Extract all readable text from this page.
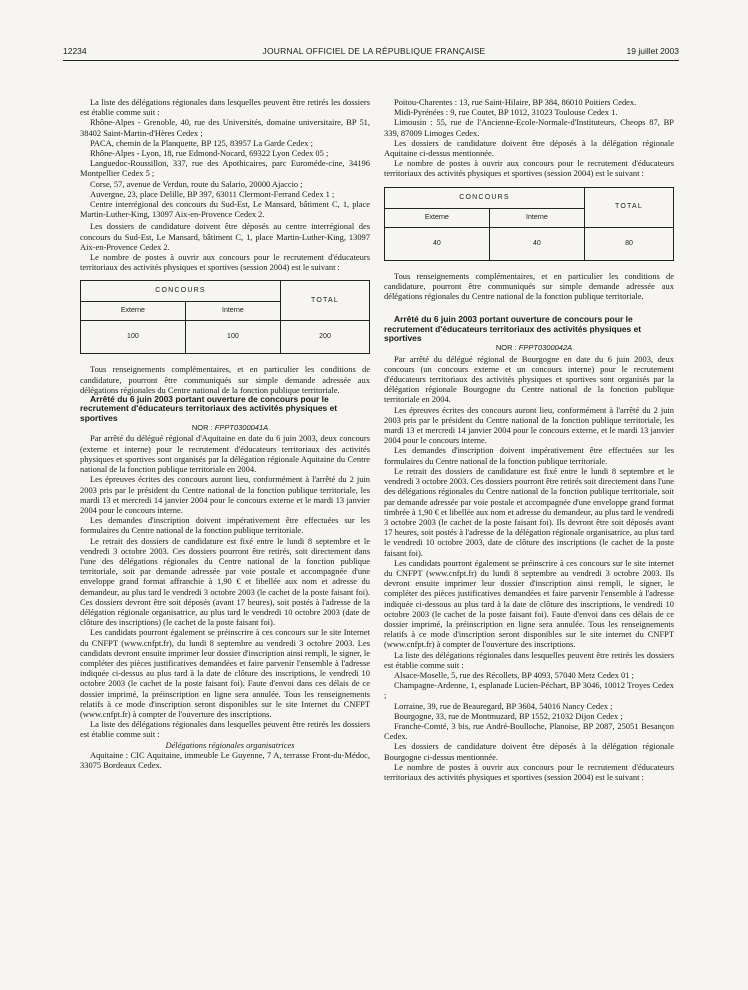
12234	JOURNAL OFFICIEL DE LA RÉPUBLIQUE FRANÇAISE	19 juillet 2003

La liste des délégations régionales dans lesquelles peuvent être retirés les dossiers est établie comme suit :

Rhône-Alpes - Grenoble, 40, rue des Universités, domaine universitaire, BP 51, 38402 Saint-Martin-d'Hères Cedex ;

PACA, chemin de la Planquette, BP 125, 83957 La Garde Cedex ;

Rhône-Alpes - Lyon, 18, rue Edmond-Nocard, 69322 Lyon Cedex 05 ;

Languedoc-Roussillon, 337, rue des Apothicaires, parc Euroméde-cine, 34196 Montpellier Cedex 5 ;

Corse, 57, avenue de Verdun, route du Salario, 20000 Ajaccio ;

Auvergne, 23, place Delille, BP 397, 63011 Clermont-Ferrand Cedex 1 ;

Centre interrégional des concours du Sud-Est, Le Mansard, bâtiment C, 1, place Martin-Luther-King, 13097 Aix-en-Provence Cedex 2.

Les dossiers de candidature doivent être déposés au centre interrégional des concours du Sud-Est, Le Mansard, bâtiment C, 1, place Martin-Luther-King, 13097 Aix-en-Provence Cedex 2.

Le nombre de postes à ouvrir aux concours pour le recrutement d'éducateurs territoriaux des activités physiques et sportives (session 2004) est le suivant :

CONCOURS		TOTAL
Externe	Interne	
100	100	200

Tous renseignements complémentaires, et en particulier les conditions de candidature, pourront être communiqués sur simple demande adressée aux délégations régionales du Centre national de la fonction publique territoriale.

Arrêté du 6 juin 2003 portant ouverture de concours pour le recrutement d'éducateurs territoriaux des activités physiques et sportives

NOR : FPPT0300041A

Par arrêté du délégué régional d'Aquitaine en date du 6 juin 2003, deux concours (externe et interne) pour le recrutement d'éducateurs territoriaux des activités physiques et sportives sont organisés par la délégation régionale Aquitaine du Centre national de la fonction publique territoriale en 2004.

Les épreuves écrites des concours auront lieu, conformément à l'arrêté du 2 juin 2003 pris par le président du Centre national de la fonction publique territoriale, les mardi 13 et mercredi 14 janvier 2004 pour le concours externe et le mardi 13 janvier 2004 pour le concours interne.

Les demandes d'inscription doivent impérativement être effectuées sur les formulaires du Centre national de la fonction publique territoriale.

Le retrait des dossiers de candidature est fixé entre le lundi 8 septembre et le vendredi 3 octobre 2003. Ces dossiers pourront être retirés, soit directement dans l'une des délégations régionales du Centre national de la fonction publique territoriale, soit par demande adressée par voie postale et accompagnée d'une enveloppe grand format affranchie à 1,90 € et libellée aux nom et adresse du demandeur, au plus tard le vendredi 3 octobre 2003 (le cachet de la poste faisant foi). Ces dossiers devront être soit déposés (avant 17 heures), soit postés à l'adresse de la délégation régionale organisatrice, au plus tard le vendredi 10 octobre 2003 (date de clôture des inscriptions) (le cachet de la poste faisant foi).

Les candidats pourront également se préinscrire à ces concours sur le site Internet du CNFPT (www.cnfpt.fr), du lundi 8 septembre au vendredi 3 octobre 2003. Les candidats devront ensuite imprimer leur dossier d'inscription ainsi rempli, le signer, le compléter des pièces justificatives demandées et faire parvenir l'ensemble à l'adresse indiquée ci-dessus au plus tard à la date de clôture des inscriptions, le vendredi 10 octobre 2003 (le cachet de la poste faisant foi). Faute d'envoi dans ces délais de ce dossier imprimé, la préinscription en ligne sera annulée. Tous les renseignements relatifs à ce mode d'inscription seront disponibles sur le site Internet du CNFPT (www.cnfpt.fr) à compter de l'ouverture des inscriptions.

La liste des délégations régionales dans lesquelles peuvent être retirés les dossiers est établie comme suit :

Délégations régionales organisatrices

Aquitaine : CIC Aquitaine, immeuble Le Guyenne, 7 A, terrasse Front-du-Médoc, 33075 Bordeaux Cedex.

Poitou-Charentes : 13, rue Saint-Hilaire, BP 384, 86010 Poitiers Cedex.

Midi-Pyrénées : 9, rue Coutet, BP 1012, 31023 Toulouse Cedex 1.

Limousin : 55, rue de l'Ancienne-Ecole-Normale-d'Instituteurs, Cheops 87, BP 339, 87009 Limoges Cedex.

Les dossiers de candidature doivent être déposés à la délégation régionale Aquitaine ci-dessus mentionnée.

Le nombre de postes à ouvrir aux concours pour le recrutement d'éducateurs territoriaux des activités physiques et sportives (session 2004) est le suivant :

CONCOURS		TOTAL
Externe	Interne	
40	40	80

Tous renseignements complémentaires, et en particulier les conditions de candidature, pourront être communiqués sur simple demande adressée aux délégations régionales du Centre national de la fonction publique territoriale.

Arrêté du 6 juin 2003 portant ouverture de concours pour le recrutement d'éducateurs territoriaux des activités physiques et sportives

NOR : FPPT0300042A

Par arrêté du délégué régional de Bourgogne en date du 6 juin 2003, deux concours (un concours externe et un concours interne) pour le recrutement d'éducateurs territoriaux des activités physiques et sportives sont organisés par la délégation régionale Bourgogne du Centre national de la fonction publique territoriale en 2004.

Les épreuves écrites des concours auront lieu, conformément à l'arrêté du 2 juin 2003 pris par le président du Centre national de la fonction publique territoriale, les mardi 13 et mercredi 14 janvier 2004 pour le concours externe, et le mardi 13 janvier 2004 pour le concours interne.

Les demandes d'inscription doivent impérativement être effectuées sur les formulaires du Centre national de la fonction publique territoriale.

Le retrait des dossiers de candidature est fixé entre le lundi 8 septembre et le vendredi 3 octobre 2003. Ces dossiers pourront être retirés soit directement dans l'une des délégations régionales du Centre national de la fonction publique territoriale, soit par demande adressée par voie postale et accompagnée d'une enveloppe grand format timbrée à 1,90 € et libellée aux nom et adresse du demandeur, au plus tard le vendredi 3 octobre 2003 (le cachet de la poste faisant foi). Ils devront être soit déposés avant 17 heures, soit postés à l'adresse de la délégation régionale organisatrice, au plus tard le vendredi 10 octobre 2003, date de clôture des inscriptions (le cachet de la poste faisant foi).

Les candidats pourront également se préinscrire à ces concours sur le site internet du CNFPT (www.cnfpt.fr) du lundi 8 septembre au vendredi 3 octobre 2003. Ils devront ensuite imprimer leur dossier d'inscription ainsi rempli, le signer, le compléter des pièces justificatives demandées et faire parvenir l'ensemble à l'adresse indiquée ci-dessous au plus tard à la date de clôture des inscriptions, le vendredi 10 octobre 2003 (le cachet de la poste faisant foi). Faute d'envoi dans ces délais de ce dossier imprimé, la préinscription en ligne sera annulée. Tous les renseignements relatifs à ce mode d'inscription seront disponibles sur le site internet du CNFPT (www.cnfpt.fr) à compter de l'ouverture des inscriptions.

La liste des délégations régionales dans lesquelles peuvent être retirés les dossiers est établie comme suit :

Alsace-Moselle, 5, rue des Récollets, BP 4093, 57040 Metz Cedex 01 ;

Champagne-Ardenne, 1, esplanade Lucien-Péchart, BP 3046, 10012 Troyes Cedex ;

Lorraine, 39, rue de Beauregard, BP 3604, 54016 Nancy Cedex ;

Bourgogne, 33, rue de Montmuzard, BP 1552, 21032 Dijon Cedex ;

Franche-Comté, 3 bis, rue André-Boulloche, Planoise, BP 2087, 25051 Besançon Cedex.

Les dossiers de candidature doivent être déposés à la délégation régionale Bourgogne ci-dessus mentionnée.

Le nombre de postes à ouvrir aux concours pour le recrutement d'éducateurs territoriaux des activités physiques et sportives (session 2004) est le suivant :
